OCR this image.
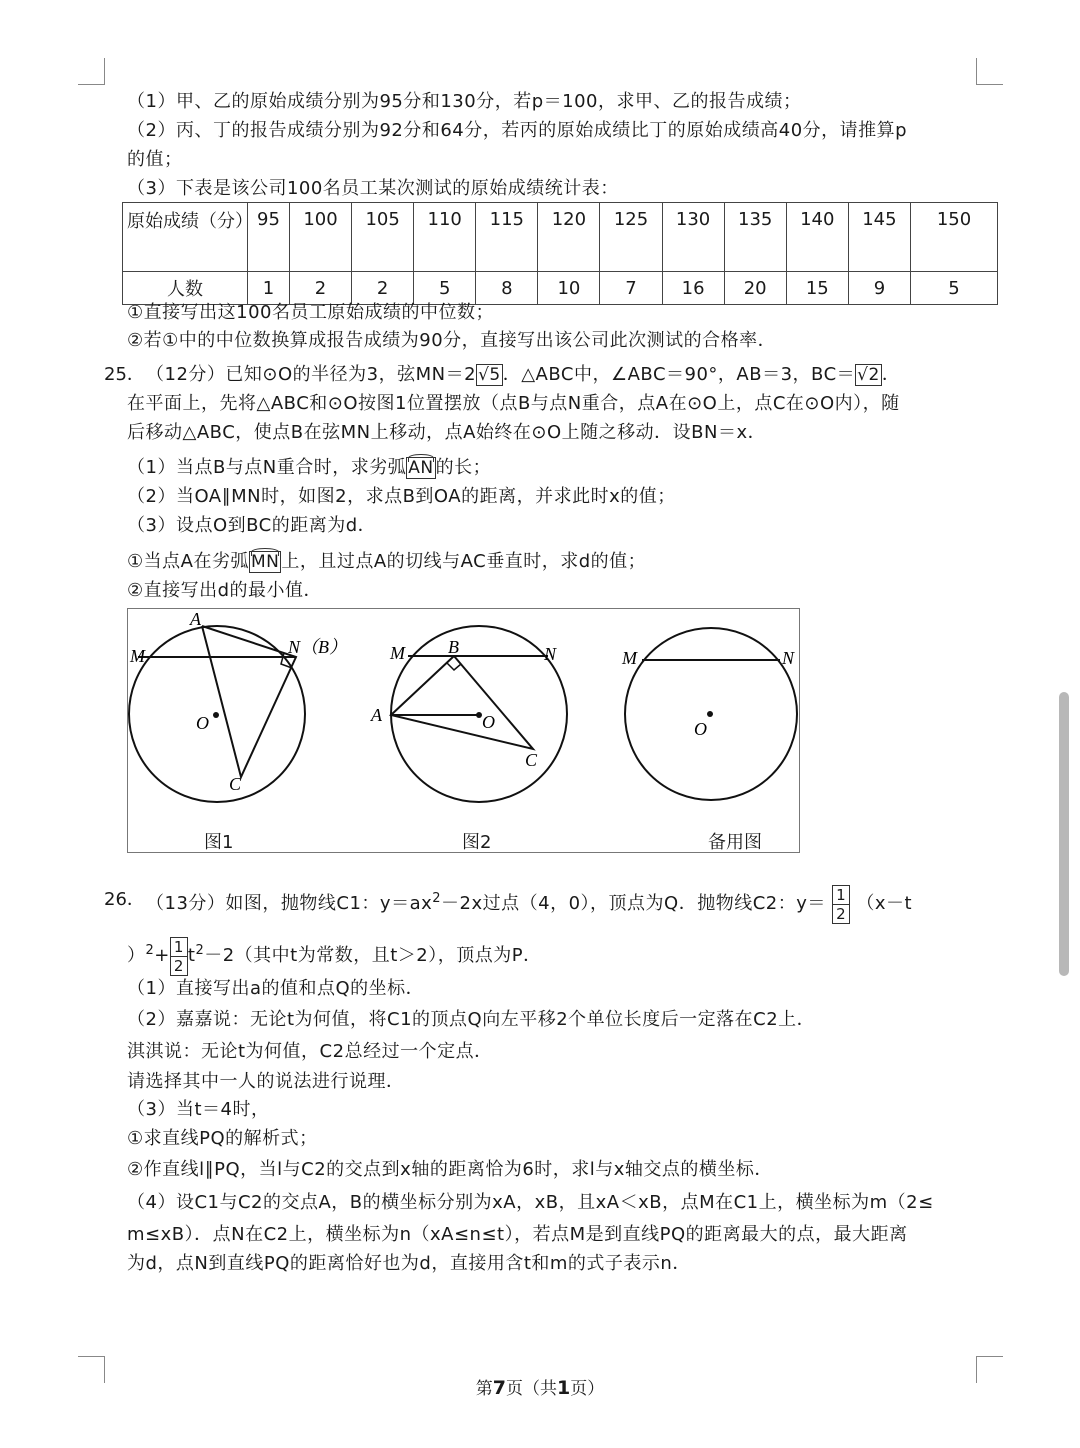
（1）甲、乙的原始成绩分别为95分和130分，若p＝100，求甲、乙的报告成绩；
（2）丙、丁的报告成绩分别为92分和64分，若丙的原始成绩比丁的原始成绩高40分，请推算p
的值；
（3）下表是该公司100名员工某次测试的原始成绩统计表：
原始成绩（分）	95	100	105	110	115	120	125	130	135	140	145	150
人数	1	2	2	5	8	10	7	16	20	15	9	5
①直接写出这100名员工原始成绩的中位数；
②若①中的中位数换算成报告成绩为90分，直接写出该公司此次测试的合格率．
25． （12分）已知⊙O的半径为3，弦MN＝2 √5 ．△ABC中，∠ABC＝90°，AB＝3，BC＝ √2 ．
在平面上，先将△ABC和⊙O按图1位置摆放（点B与点N重合，点A在⊙O上，点C在⊙O内），随
后移动△ABC，使点B在弦MN上移动，点A始终在⊙O上随之移动．设BN＝x．
（1）当点B与点N重合时，求劣弧 AN 的长；
（2）当OA∥MN时，如图2，求点B到OA的距离，并求此时x的值；
（3）设点O到BC的距离为d．
①当点A在劣弧 MN 上，且过点A的切线与AC垂直时，求d的值；
②直接写出d的最小值．
A
M	N（B）
O
C
M B	N
A	O
C
M	N
O
图1	图2	备用图
26． （13分）如图，抛物线C1：$y=ax^2-2x$过点（4，0），顶点为Q．抛物线C2：$y= \frac{1}{2} (x-t$
）$^2+ \frac{1}{2}t^2-2$（其中t为常数，且t＞2），顶点为P．
（1）直接写出a的值和点Q的坐标．
（2）嘉嘉说：无论t为何值，将C1的顶点Q向左平移2个单位长度后一定落在C2上．
淇淇说：无论t为何值，C2总经过一个定点．
请选择其中一人的说法进行说理．
（3）当t＝4时，
①求直线PQ的解析式；
②作直线l∥PQ，当l与C2的交点到x轴的距离恰为6时，求l与x轴交点的横坐标．
（4）设C1与C2的交点A，B的横坐标分别为xA，xB，且xA＜xB，点M在C1上，横坐标为m（2≤
m≤xB）．点N在C2上，横坐标为n（xA≤n≤t），若点M是到直线PQ的距离最大的点，最大距离
为d，点N到直线PQ的距离恰好也为d，直接用含t和m的式子表示n．
第7页（共1页）
